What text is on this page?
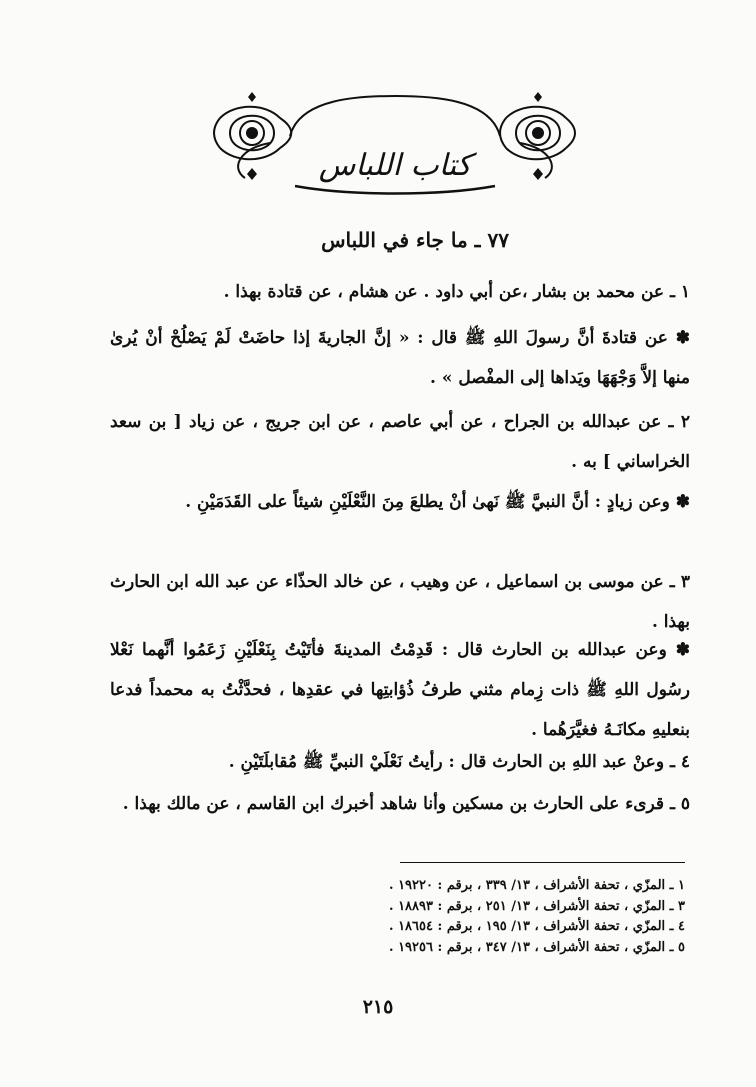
كتاب اللباس
٧٧ ـ ما جاء في اللباس
١ ـ عن محمد بن بشار ،عن أبي داود . عن هشام ، عن قتادة بهذا .
✽ عن قتادةَ أنَّ رسولَ اللهِ ﷺ قال : « إنَّ الجاريةَ إذا حاضَتْ لَمْ يَصْلُحْ أنْ يُرىٰ منها إلاَّ وَجْهَهَا ويَداها إلى المفْصل » .
٢ ـ عن عبدالله بن الجراح ، عن أبي عاصم ، عن ابن جريج ، عن زياد [ بن سعد الخراساني ] به .
✽ وعن زيادٍ : أنَّ النبيَّ ﷺ نَهىٰ أنْ يطلعَ مِنَ النَّعْلَيْنِ شيئاً على القَدَمَيْنِ .
٣ ـ عن موسى بن اسماعيل ، عن وهيب ، عن خالد الحذّاء عن عبد الله ابن الحارث بهذا .
✽ وعن عبدالله بن الحارث قال : قَدِمْتُ المدينةَ فأتَيْتُ بِنَعْلَيْنِ زَعَمُوا أنَّهما نَعْلا رسُول اللهِ ﷺ ذات زِمام مثني طرفُ ذُؤابتِها في عقدِها ، فحدَّثْتُ به محمداً فدعا بنعليهِ مكانَـهُ فغيَّرَهُما .
٤ ـ وعنْ عبد اللهِ بن الحارث قال : رأيتُ نَعْلَيْ النبيِّ ﷺ مُقابلَتَيْنِ .
٥ ـ قرىء على الحارث بن مسكين وأنا شاهد أخبرك ابن القاسم ، عن مالك بهذا .
١ ـ المزّي ، تحفة الأشراف ، ١٣/ ٣٣٩ ، برقم : ١٩٢٢٠ .
٣ ـ المزّي ، تحفة الأشراف ، ١٣/ ٢٥١ ، برقم : ١٨٨٩٣ .
٤ ـ المزّي ، تحفة الأشراف ، ١٣/ ١٩٥ ، برقم : ١٨٦٥٤ .
٥ ـ المزّي ، تحفة الأشراف ، ١٣/ ٣٤٧ ، برقم : ١٩٢٥٦ .
٢١٥
